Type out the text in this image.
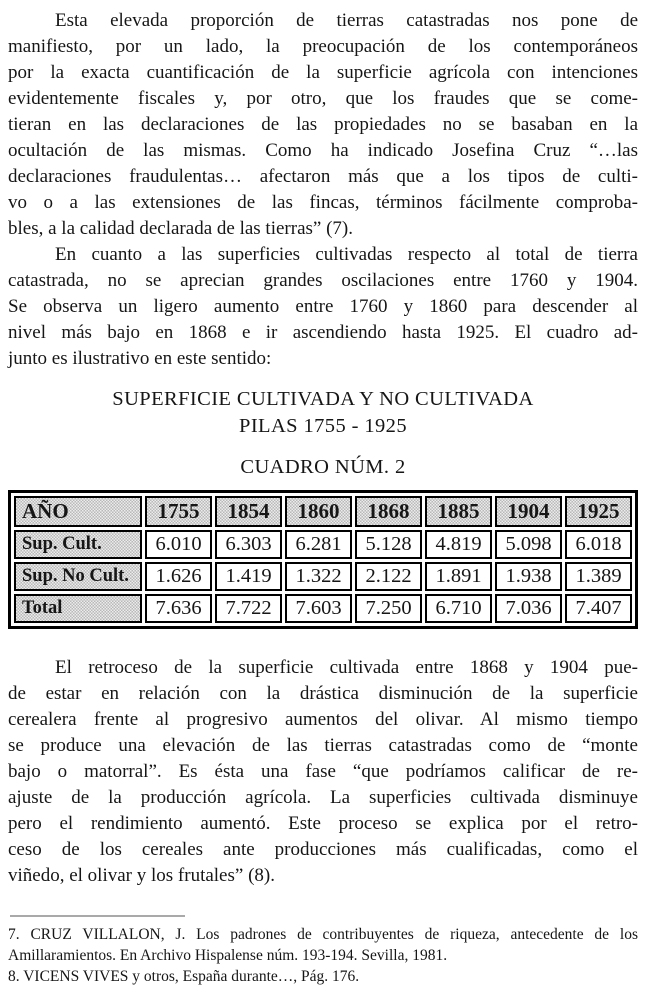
Esta elevada proporción de tierras catastradas nos pone de
manifiesto, por un lado, la preocupación de los contemporáneos
por la exacta cuantificación de la superficie agrícola con intenciones
evidentemente fiscales y, por otro, que los fraudes que se come-
tieran en las declaraciones de las propiedades no se basaban en la
ocultación de las mismas. Como ha indicado Josefina Cruz “…las
declaraciones fraudulentas… afectaron más que a los tipos de culti-
vo o a las extensiones de las fincas, términos fácilmente comproba-
bles, a la calidad declarada de las tierras” (7).
En cuanto a las superficies cultivadas respecto al total de tierra
catastrada, no se aprecian grandes oscilaciones entre 1760 y 1904.
Se observa un ligero aumento entre 1760 y 1860 para descender al
nivel más bajo en 1868 e ir ascendiendo hasta 1925. El cuadro ad-
junto es ilustrativo en este sentido:
SUPERFICIE CULTIVADA Y NO CULTIVADA
PILAS 1755 - 1925
CUADRO NÚM. 2
AÑO	1755	1854	1860	1868	1885	1904	1925
Sup. Cult.	6.010	6.303	6.281	5.128	4.819	5.098	6.018
Sup. No Cult.	1.626	1.419	1.322	2.122	1.891	1.938	1.389
Total	7.636	7.722	7.603	7.250	6.710	7.036	7.407
El retroceso de la superficie cultivada entre 1868 y 1904 pue-
de estar en relación con la drástica disminución de la superficie
cerealera frente al progresivo aumentos del olivar. Al mismo tiempo
se produce una elevación de las tierras catastradas como de “monte
bajo o matorral”. Es ésta una fase “que podríamos calificar de re-
ajuste de la producción agrícola. La superficies cultivada disminuye
pero el rendimiento aumentó. Este proceso se explica por el retro-
ceso de los cereales ante producciones más cualificadas, como el
viñedo, el olivar y los frutales” (8).
7. CRUZ VILLALON, J. Los padrones de contribuyentes de riqueza, antecedente de los
Amillaramientos. En Archivo Hispalense núm. 193-194. Sevilla, 1981.
8. VICENS VIVES y otros, España durante…, Pág. 176.
